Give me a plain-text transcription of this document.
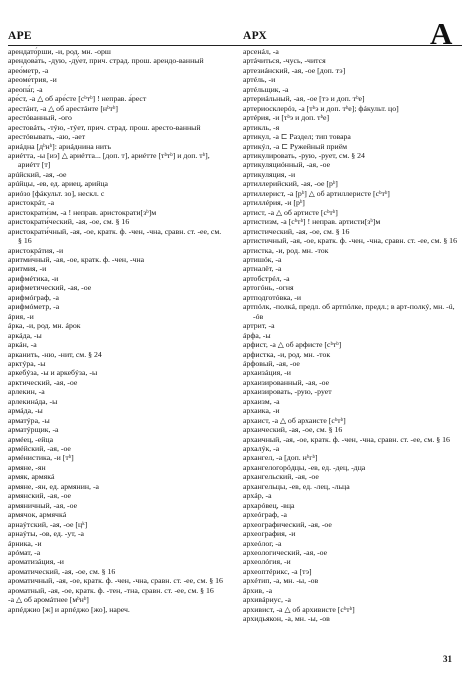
АРЕ	АРХ	А

арендато́рши, -и, род. мн. -орш

арендова́ть, -дую, -ду́ет, прич. страд. прош. арендо-ванный

арео́метр, -а

ареоме́трия, -и

ареопа́г, -а

аре́ст, -а △ об аре́сте [сᵇтᵇ] ! неправ. а́рест

арестáнт, -а △ об арестáнте [нᵇтᵇ]

арестóванный, -ого

арестовáть, -тýю, -тýет, прич. страд. прош. аресто-ванный

арестóвывать, -аю, -ает

ариáдна [дᵇнᵇ]: ариáднина нить

ариéтта, -ы [иэ] △ ариéтта... [доп. т], ариéтте [тᵇтᵇ] и доп. тᵇ], ариéтт [т]

арúйский, -ая, -ое

арúйцы, -ев, ед. ариец, арийца

ариóзо [фáкульт. зо], нескл. с

аристокрáт, -а

аристократи́зм, -а ! неправ. аристократи[зᵇ]м

аристократи́ческий, -ая, -ое, см. § 16

аристократи́чный, -ая, -ое, кратк. ф. -чен, -чна, сравн. ст. -ее, см. § 16

аристокрáтия, -и

аритми́чный, -ая, -ое, кратк. ф. -чен, -чна

аритмия, -и

арифмéтика, -и

арифметический, -ая, -ое

арифмóграф, -а

арифмóметр, -а

áрия, -и

áрка, -и, род. мн. áрок

аркáда, -ы

аркáн, -а

арканить, -ню, -нит, см. § 24

арктýра, -ы

аркебýза, -ы и аркебýзa, -ы

арктический, -ая, -ое

арлекин, -а

арлекинáда, -ы

армáда, -ы

арматýра, -ы

арматýрщик, -а

армéец, -ейца

армéйский, -ая, -ое

армéнистика, -и [тᵇ]

армяне, -ян

армяк, армякá

армяне, -ян, ед. армянин, -а

армянский, -ая, -ое

армяничный, -ая, -ое

армячок, армячкá

арнаýтский, -ая, -ое [цᵏ]

арнаýты, -ов, ед. -ут, -а

áрника, -и

арóмат, -а

ароматизáция, -и

ароматический, -ая, -ое, см. § 16

ароматичный, -ая, -ое, кратк. ф. -чен, -чна, сравн. ст. -ее, см. § 16

ароматный, -ая, -ое, кратк. ф. -тен, -тна, сравн. ст. -ее, см. § 16

-а △ об аромáтнее [мᵇнᵇ]

арпéджио [ж] и арпéджо [жо], нареч.

арсенáл, -а

артáчиться, -чусь, -чится

артезиáнский, -ая, -ое [доп. тэ]

артéль, -и

артéльщик, -а

артериáльный, -ая, -ое [тэ и доп. тᵇе]

артериосклерóз, -а [тᵇэ и доп. тᵇе]; фáкульт. цо]

артéрия, -и [тᵇэ и доп. тᵇе]

артикль, -я

артикул, -а ⊏ Раздел; тип товара

артикýл, -а ⊏ Ружейный приём

артикулировать, -рую, -рует, см. § 24

артикуляциóнный, -ая, -ое

артикуляция, -и

артиллерийский, -ая, -ое [рᵇ]

артиллерист, -а [рᵇ] △ об артиллеристе [сᵇтᵇ]

артиллéрия, -и [рᵇ]

артист, -а △ об артисте [сᵇтᵇ]

артистизм, -а [сᵇтᵇ] ! неправ. артисти[зᵇ]м

артистический, -ая, -ое, см. § 16

артистичный, -ая, -ое, кратк. ф. -чен, -чна, сравн. ст. -ее, см. § 16

артистка, -и, род. мн. -ток

артишóк, -а

артналёт, -а

артобстрéл, -а

артогóнь, -огня

артподготóвка, -и

артпóлк, -полкá, предл. об артпóлке, предл.; в арт-полкý, мн. -ú, -óв

артрит, -а

áрфа, -ы

арфист, -а △ об арфисте [сᵇтᵇ]

арфистка, -и, род. мн. -ток

áрфовый, -ая, -ое

архаизáция, -и

архаизированный, -ая, -ое

архаизировать, -рую, -рует

архаизм, -а

архаика, -и

архаист, -а △ об архаисте [сᵇтᵇ]

архаический, -ая, -ое, см. § 16

архаичный, -ая, -ое, кратк. ф. -чен, -чна, сравн. ст. -ее, см. § 16

архалýк, -а

архангел, -а [доп. нᵇгᵇ]

архангелогорóдцы, -ев, ед. -дец, -дца

архангельский, -ая, -ое

архангельцы, -ев, ед. -лец, -льца

архáр, -а

архарóвец, -вца

археóграф, -а

археографический, -ая, -ое

археография, -и

археóлог, -а

археологический, -ая, -ое

археолóгия, -и

археоптéрикс, -а [тэ]

архéтип, -а, мн. -ы, -ов

áрхив, -а

архивáриус, -а

архивист, -а △ об архивисте [сᵇтᵇ]

архидьякон, -а, мн. -ы, -ов

31
